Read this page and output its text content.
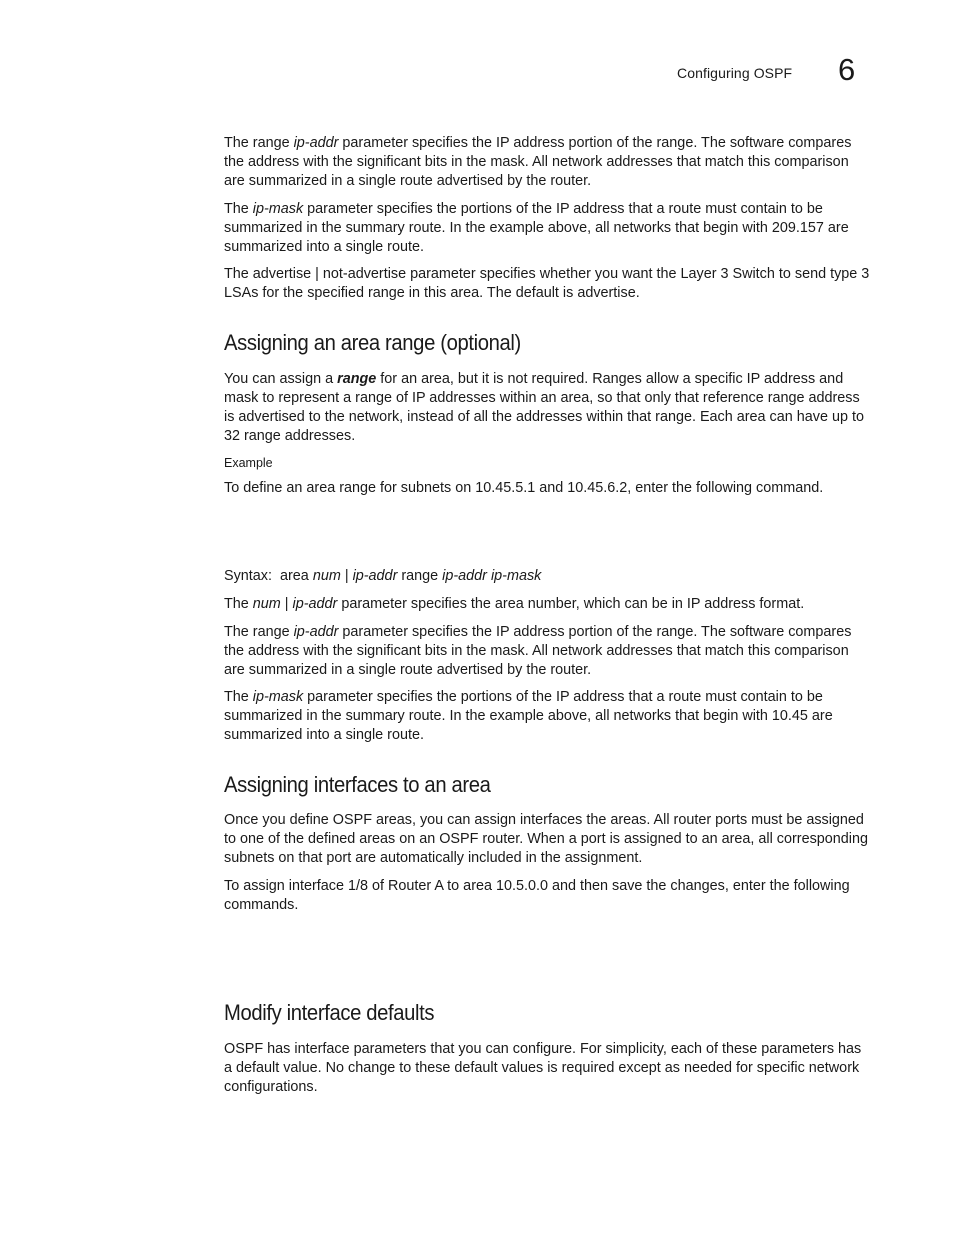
Configuring OSPF 6

The range ip-addr parameter specifies the IP address portion of the range. The software compares the address with the significant bits in the mask. All network addresses that match this comparison are summarized in a single route advertised by the router.

The ip-mask parameter specifies the portions of the IP address that a route must contain to be summarized in the summary route. In the example above, all networks that begin with 209.157 are summarized into a single route.

The advertise | not-advertise parameter specifies whether you want the Layer 3 Switch to send type 3 LSAs for the specified range in this area. The default is advertise.

Assigning an area range (optional)

You can assign a range for an area, but it is not required. Ranges allow a specific IP address and mask to represent a range of IP addresses within an area, so that only that reference range address is advertised to the network, instead of all the addresses within that range. Each area can have up to 32 range addresses.

Example

To define an area range for subnets on 10.45.5.1 and 10.45.6.2, enter the following command.

Syntax: area num | ip-addr range ip-addr ip-mask

The num | ip-addr parameter specifies the area number, which can be in IP address format.

The range ip-addr parameter specifies the IP address portion of the range. The software compares the address with the significant bits in the mask. All network addresses that match this comparison are summarized in a single route advertised by the router.

The ip-mask parameter specifies the portions of the IP address that a route must contain to be summarized in the summary route. In the example above, all networks that begin with 10.45 are summarized into a single route.

Assigning interfaces to an area

Once you define OSPF areas, you can assign interfaces the areas. All router ports must be assigned to one of the defined areas on an OSPF router. When a port is assigned to an area, all corresponding subnets on that port are automatically included in the assignment.

To assign interface 1/8 of Router A to area 10.5.0.0 and then save the changes, enter the following commands.

Modify interface defaults

OSPF has interface parameters that you can configure. For simplicity, each of these parameters has a default value. No change to these default values is required except as needed for specific network configurations.
